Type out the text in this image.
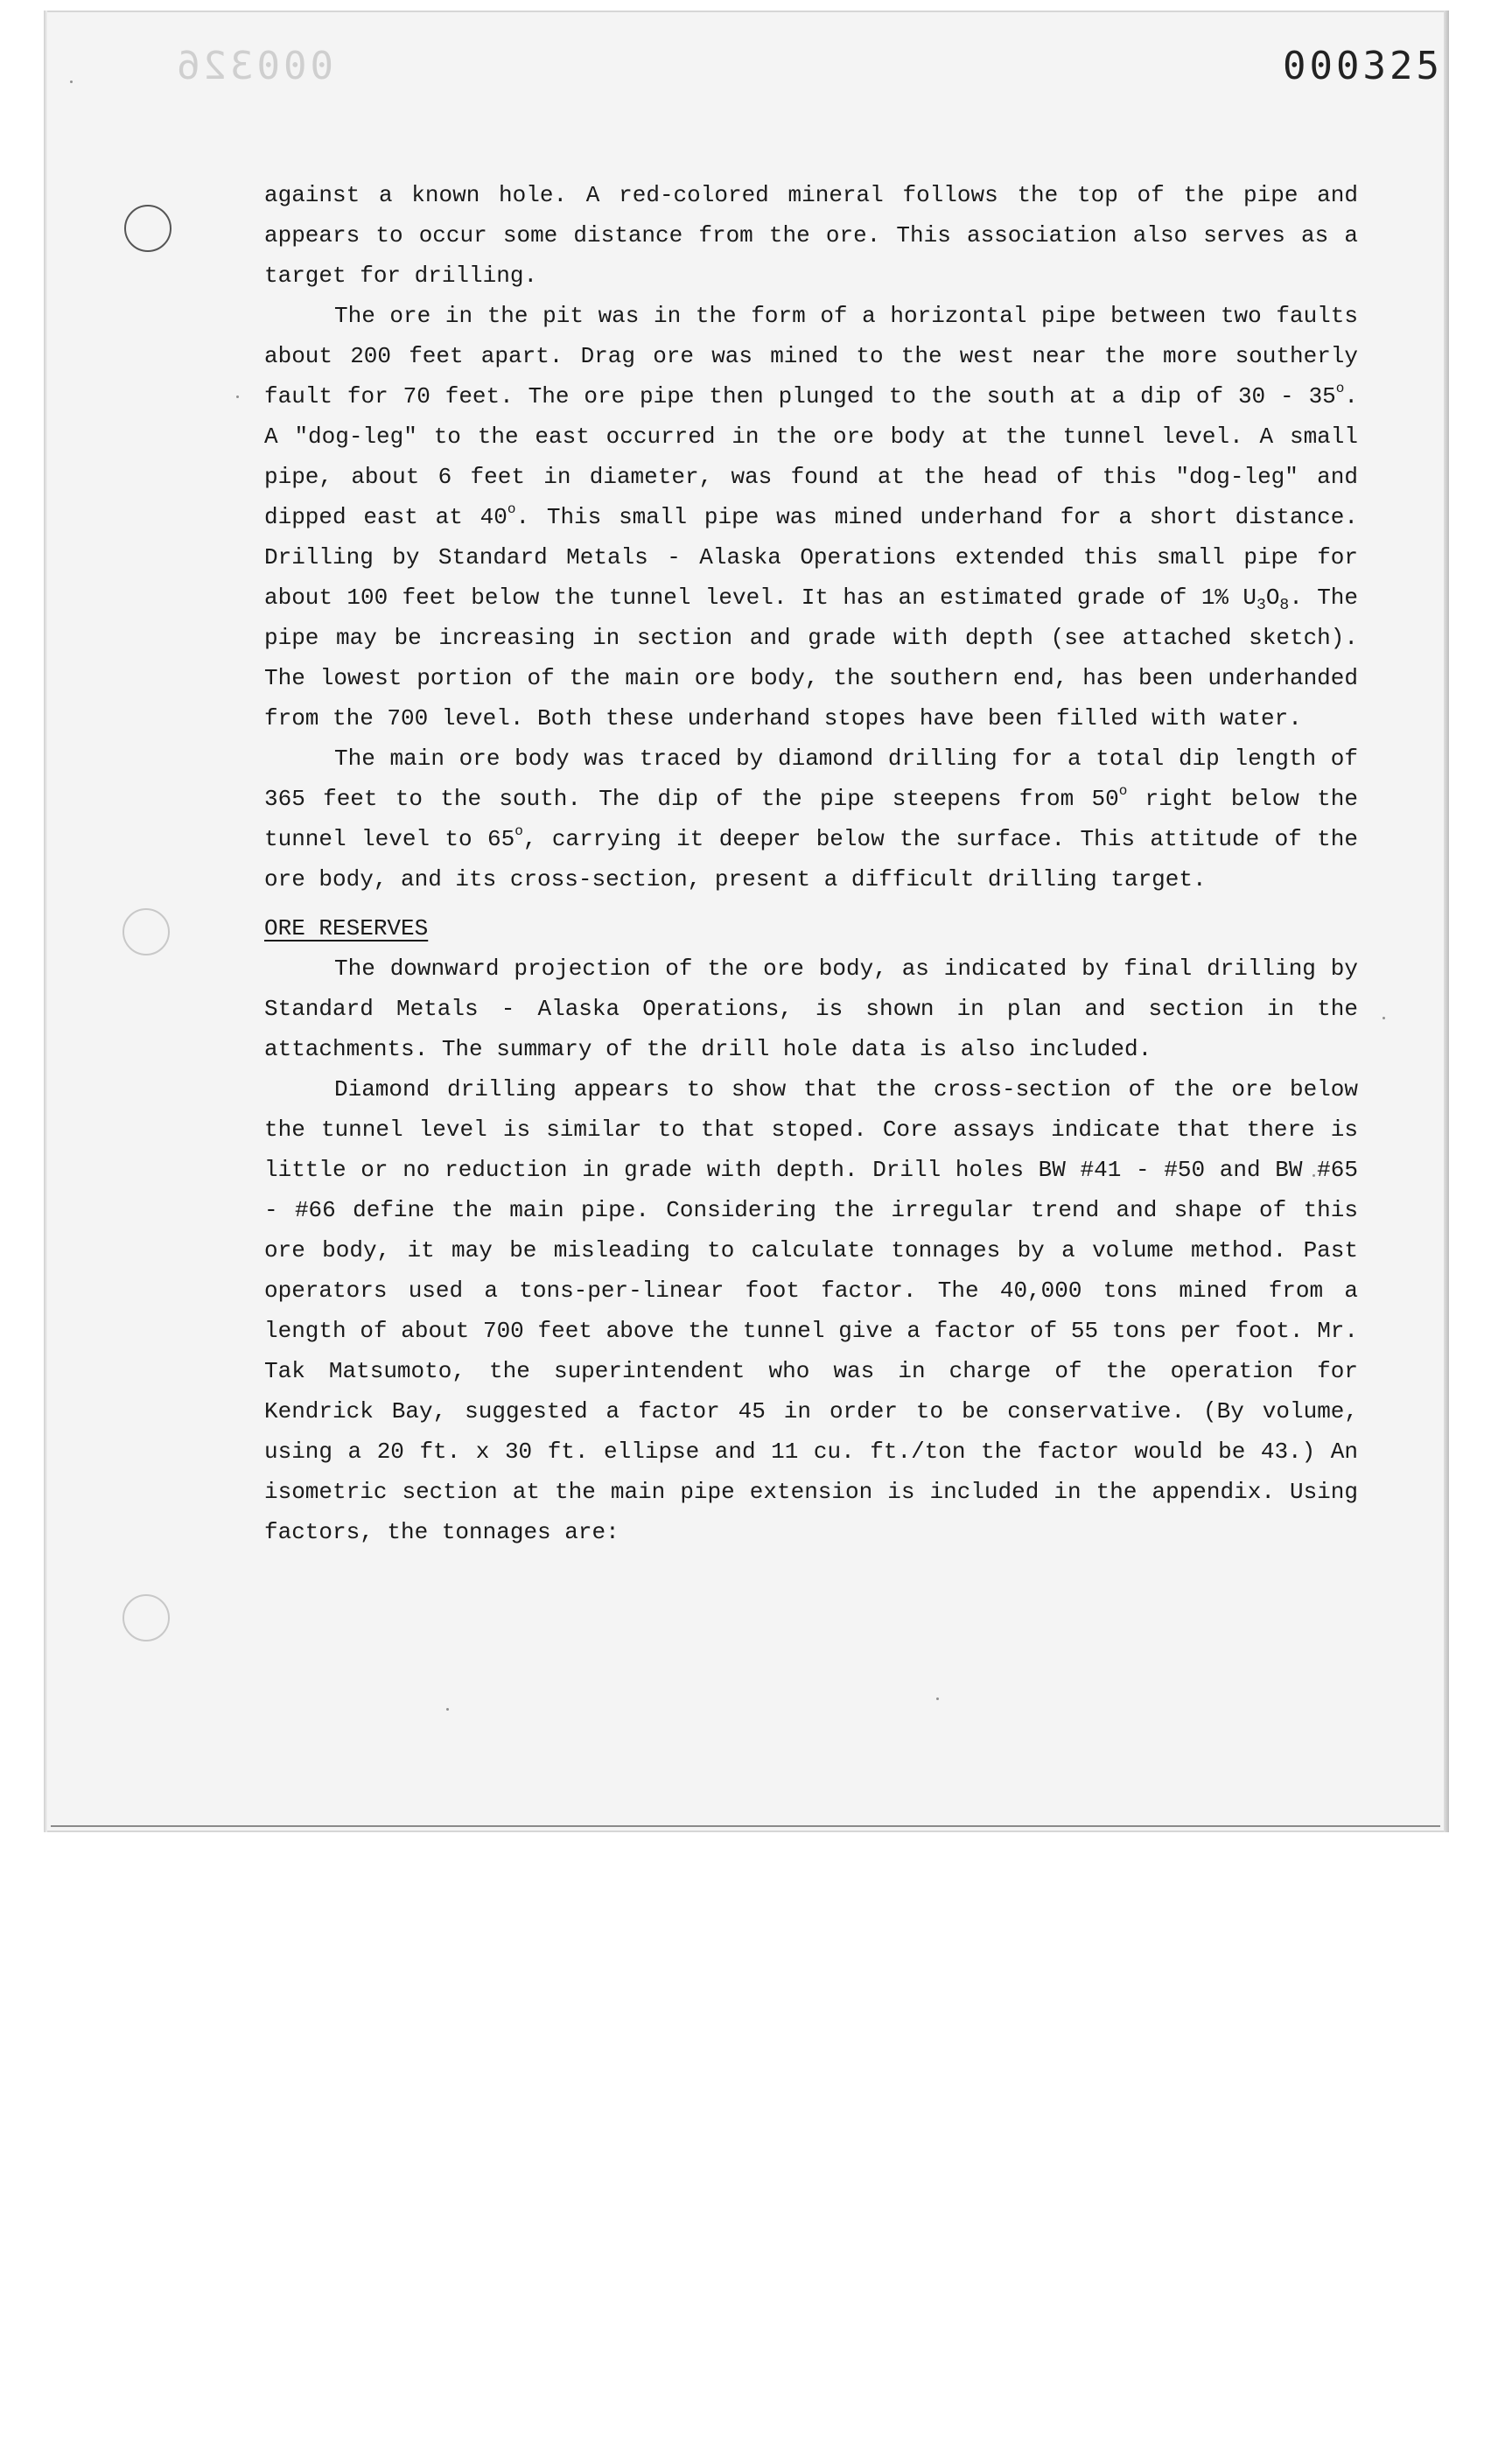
000326	000325

against a known hole. A red-colored mineral follows the top of the pipe and appears to occur some distance from the ore. This association also serves as a target for drilling.

The ore in the pit was in the form of a horizontal pipe between two faults about 200 feet apart. Drag ore was mined to the west near the more southerly fault for 70 feet. The ore pipe then plunged to the south at a dip of 30 - 35$^o$. A "dog-leg" to the east occurred in the ore body at the tunnel level. A small pipe, about 6 feet in diameter, was found at the head of this "dog-leg" and dipped east at 40$^o$. This small pipe was mined underhand for a short distance. Drilling by Standard Metals - Alaska Operations extended this small pipe for about 100 feet below the tunnel level. It has an estimated grade of 1% $U_3O_8$. The pipe may be increasing in section and grade with depth (see attached sketch). The lowest portion of the main ore body, the southern end, has been underhanded from the 700 level. Both these underhand stopes have been filled with water.

The main ore body was traced by diamond drilling for a total dip length of 365 feet to the south. The dip of the pipe steepens from 50$^o$ right below the tunnel level to 65$^o$, carrying it deeper below the surface. This attitude of the ore body, and its cross-section, present a difficult drilling target.

ORE RESERVES

The downward projection of the ore body, as indicated by final drilling by Standard Metals - Alaska Operations, is shown in plan and section in the attachments. The summary of the drill hole data is also included.

Diamond drilling appears to show that the cross-section of the ore below the tunnel level is similar to that stoped. Core assays indicate that there is little or no reduction in grade with depth. Drill holes BW #41 - #50 and BW #65 - #66 define the main pipe. Considering the irregular trend and shape of this ore body, it may be misleading to calculate tonnages by a volume method. Past operators used a tons-per-linear foot factor. The 40,000 tons mined from a length of about 700 feet above the tunnel give a factor of 55 tons per foot. Mr. Tak Matsumoto, the superintendent who was in charge of the operation for Kendrick Bay, suggested a factor 45 in order to be conservative. (By volume, using a 20 ft. x 30 ft. ellipse and 11 cu. ft./ton the factor would be 43.) An isometric section at the main pipe extension is included in the appendix. Using factors, the tonnages are:
